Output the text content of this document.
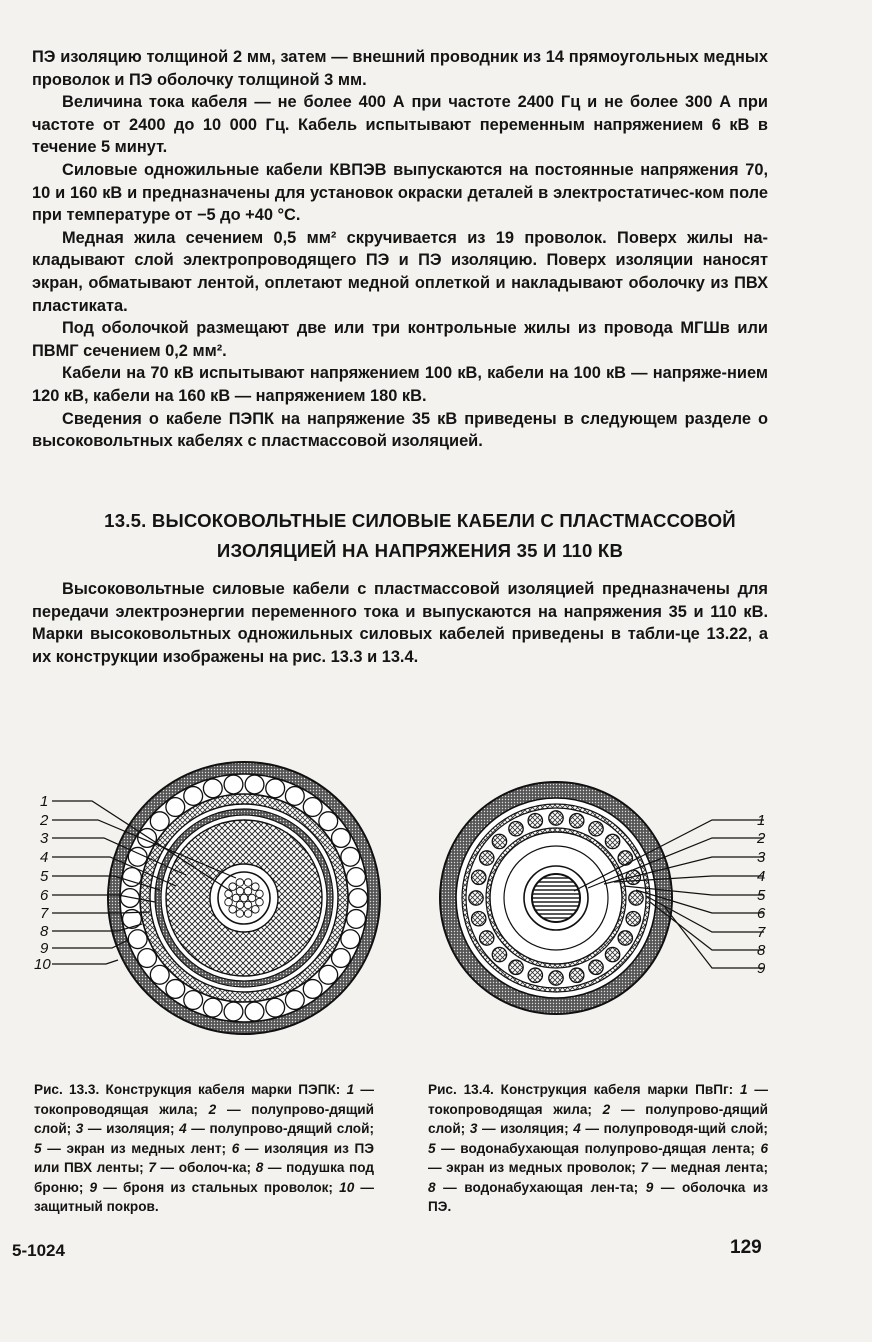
ПЭ изоляцию толщиной 2 мм, затем — внешний проводник из 14 прямоугольных медных проволок и ПЭ оболочку толщиной 3 мм.

Величина тока кабеля — не более 400 А при частоте 2400 Гц и не более 300 А при частоте от 2400 до 10 000 Гц. Кабель испытывают переменным напряжением 6 кВ в течение 5 минут.

Силовые одножильные кабели КВПЭВ выпускаются на постоянные напряжения 70, 10 и 160 кВ и предназначены для установок окраски деталей в электростатичес-ком поле при температуре от −5 до +40 °С.

Медная жила сечением 0,5 мм² скручивается из 19 проволок. Поверх жилы на-кладывают слой электропроводящего ПЭ и ПЭ изоляцию. Поверх изоляции наносят экран, обматывают лентой, оплетают медной оплеткой и накладывают оболочку из ПВХ пластиката.

Под оболочкой размещают две или три контрольные жилы из провода МГШв или ПВМГ сечением 0,2 мм².

Кабели на 70 кВ испытывают напряжением 100 кВ, кабели на 100 кВ — напряже-нием 120 кВ, кабели на 160 кВ — напряжением 180 кВ.

Сведения о кабеле ПЭПК на напряжение 35 кВ приведены в следующем разделе о высоковольтных кабелях с пластмассовой изоляцией.

13.5. ВЫСОКОВОЛЬТНЫЕ СИЛОВЫЕ КАБЕЛИ С ПЛАСТМАССОВОЙ
ИЗОЛЯЦИЕЙ НА НАПРЯЖЕНИЯ 35 И 110 КВ

Высоковольтные силовые кабели с пластмассовой изоляцией предназначены для передачи электроэнергии переменного тока и выпускаются на напряжения 35 и 110 кВ. Марки высоковольтных одножильных силовых кабелей приведены в табли-це 13.22, а их конструкции изображены на рис. 13.3 и 13.4.

1
2
3
4
5
6
7
8
9
10
1
2
3
4
5
6
7
8
9
Рис. 13.3. Конструкция кабеля марки ПЭПК: 1 — токопроводящая жила; 2 — полупрово-дящий слой; 3 — изоляция; 4 — полупрово-дящий слой; 5 — экран из медных лент; 6 — изоляция из ПЭ или ПВХ ленты; 7 — оболоч-ка; 8 — подушка под броню; 9 — броня из стальных проволок; 10 — защитный покров.
Рис. 13.4. Конструкция кабеля марки ПвПг: 1 — токопроводящая жила; 2 — полупрово-дящий слой; 3 — изоляция; 4 — полупроводя-щий слой; 5 — водонабухающая полупрово-дящая лента; 6 — экран из медных проволок; 7 — медная лента; 8 — водонабухающая лен-та; 9 — оболочка из ПЭ.
5-1024	129
